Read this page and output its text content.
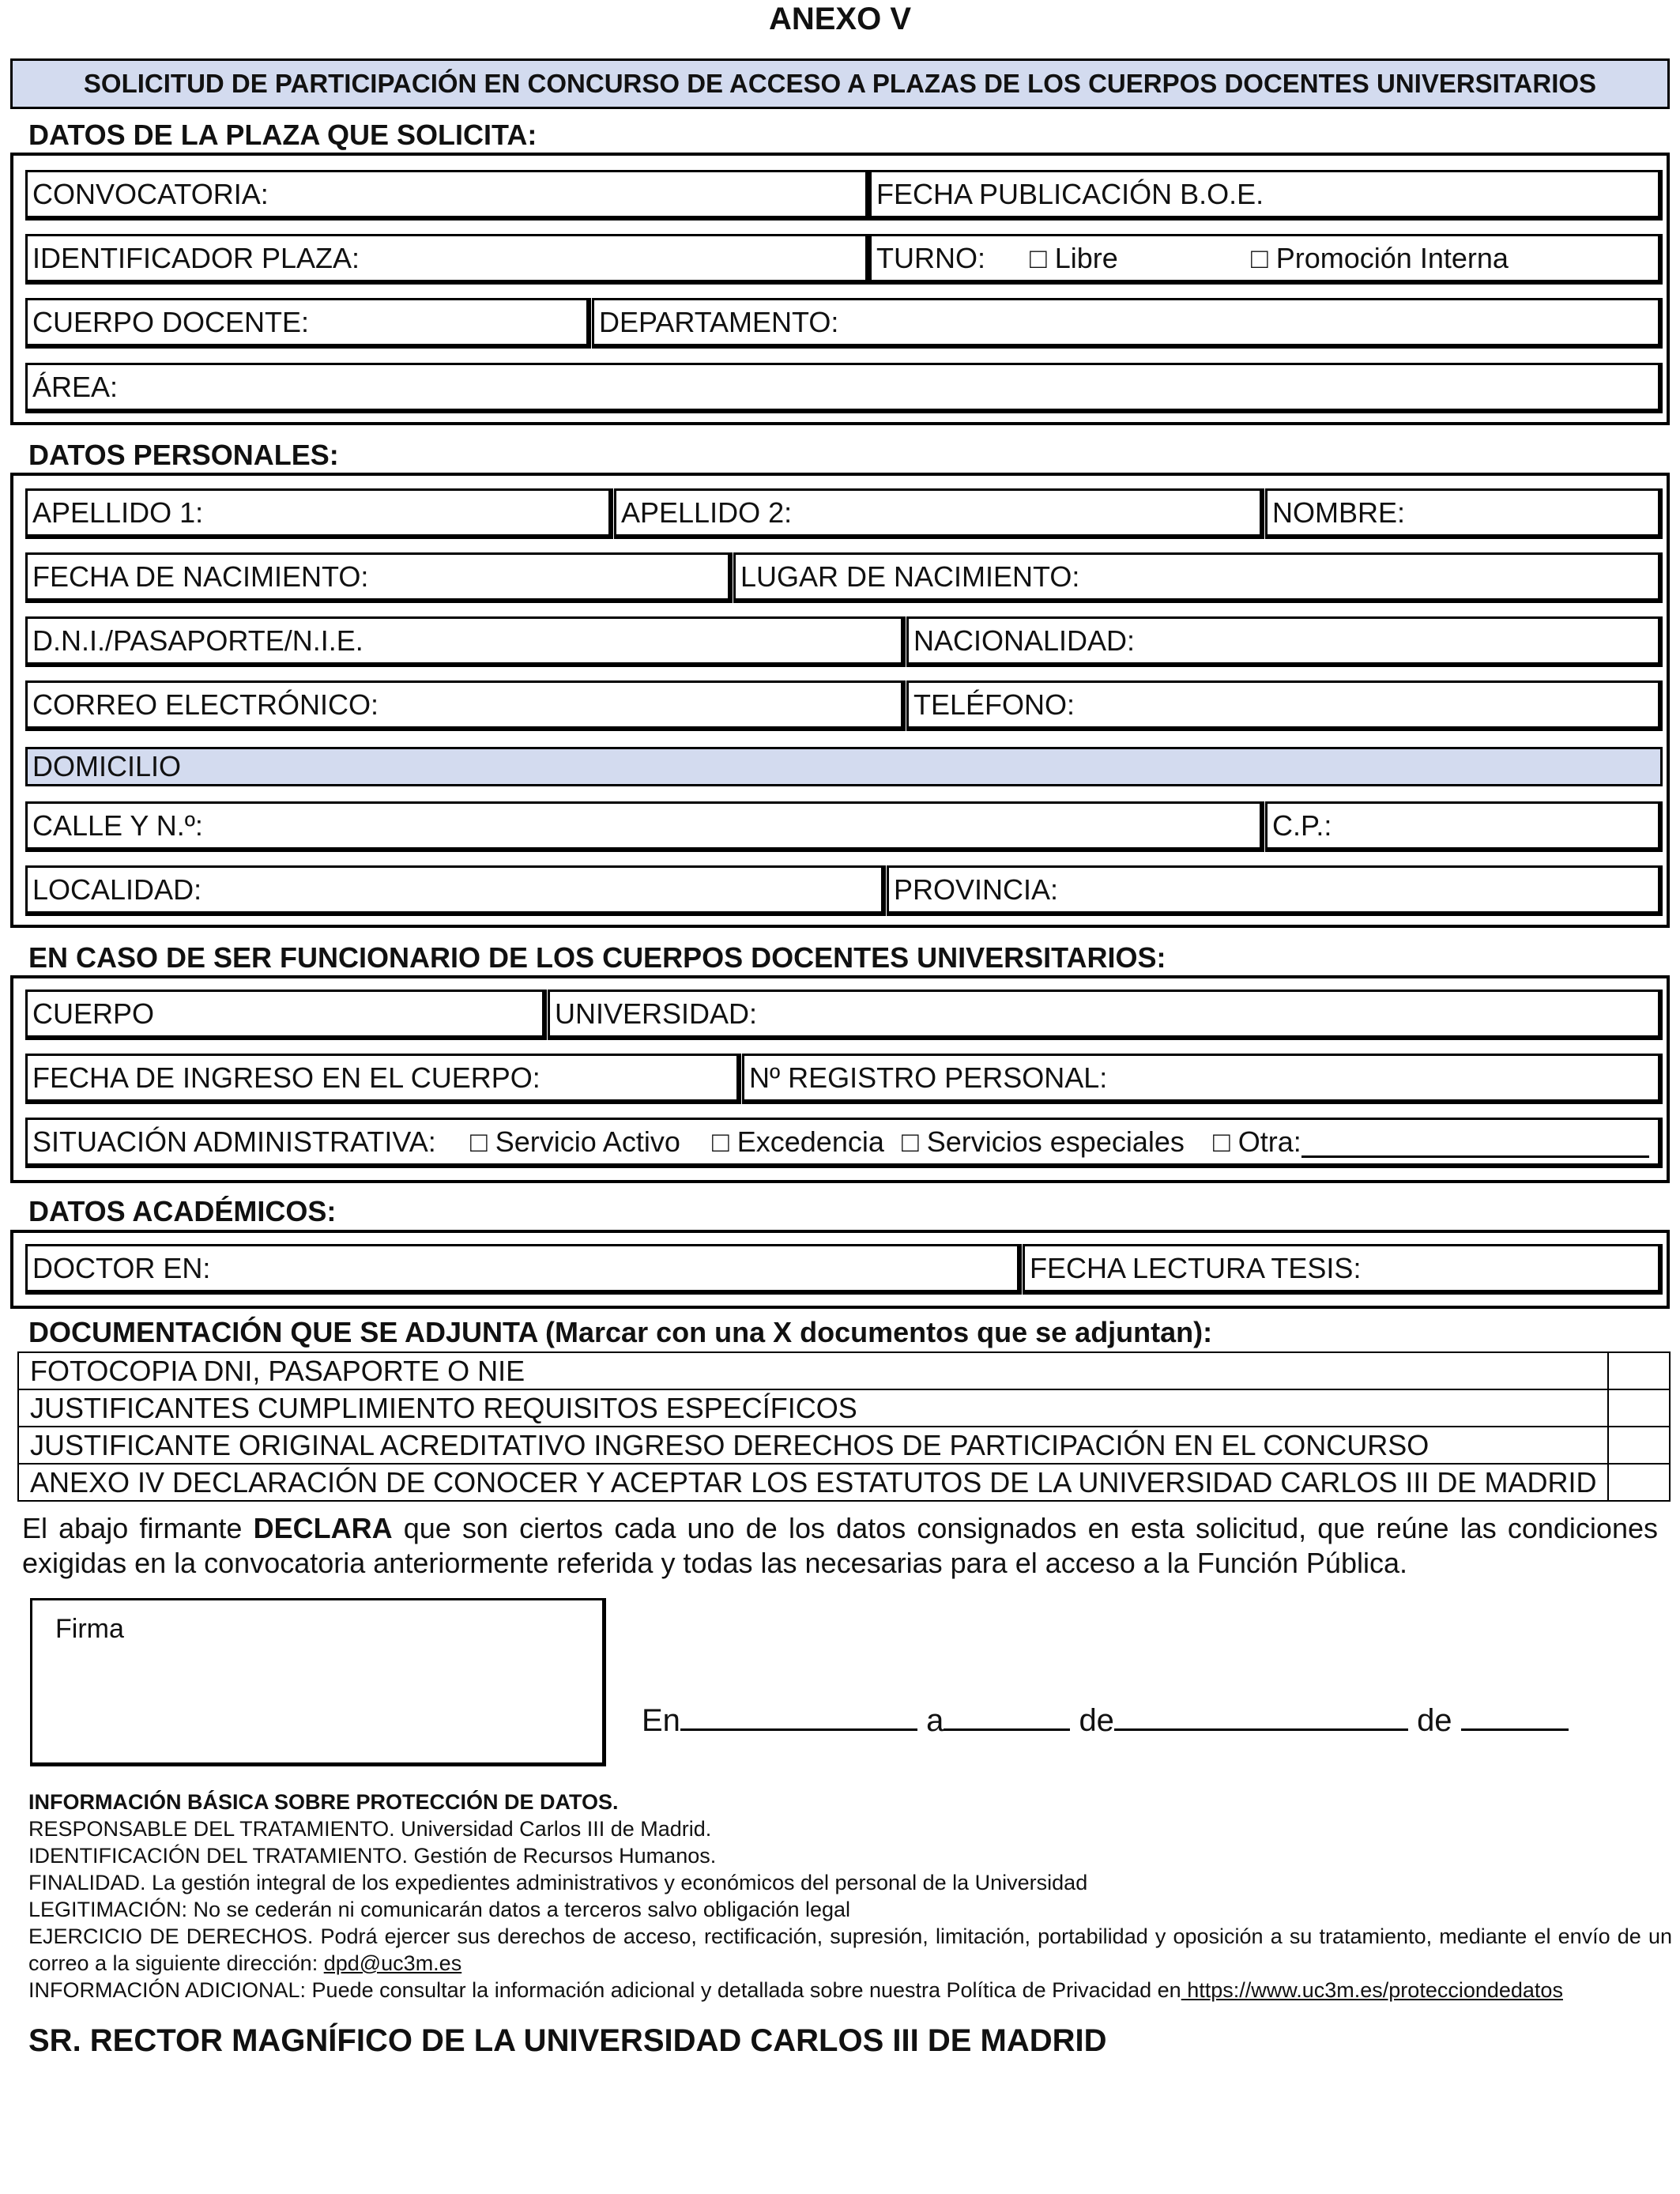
ANEXO V
SOLICITUD DE PARTICIPACIÓN EN CONCURSO DE ACCESO A PLAZAS DE LOS CUERPOS DOCENTES UNIVERSITARIOS
DATOS DE LA PLAZA QUE SOLICITA:
CONVOCATORIA:	FECHA PUBLICACIÓN B.O.E.
IDENTIFICADOR PLAZA:	TURNO: □ Libre	□ Promoción Interna
CUERPO DOCENTE:	DEPARTAMENTO:
ÁREA:
DATOS PERSONALES:
APELLIDO 1:	APELLIDO 2:	NOMBRE:
FECHA DE NACIMIENTO:	LUGAR DE NACIMIENTO:
D.N.I./PASAPORTE/N.I.E.	NACIONALIDAD:
CORREO ELECTRÓNICO:	TELÉFONO:
DOMICILIO
CALLE Y N.º:	C.P.:
LOCALIDAD:	PROVINCIA:
EN CASO DE SER FUNCIONARIO DE LOS CUERPOS DOCENTES UNIVERSITARIOS:
CUERPO	UNIVERSIDAD:
FECHA DE INGRESO EN EL CUERPO:	Nº REGISTRO PERSONAL:
SITUACIÓN ADMINISTRATIVA: □ Servicio Activo □ Excedencia □ Servicios especiales □ Otra:
DATOS ACADÉMICOS:
DOCTOR EN:	FECHA LECTURA TESIS:
DOCUMENTACIÓN QUE SE ADJUNTA (Marcar con una X documentos que se adjuntan):
FOTOCOPIA DNI, PASAPORTE O NIE	
JUSTIFICANTES CUMPLIMIENTO REQUISITOS ESPECÍFICOS	
JUSTIFICANTE ORIGINAL ACREDITATIVO INGRESO DERECHOS DE PARTICIPACIÓN EN EL CONCURSO	
ANEXO IV DECLARACIÓN DE CONOCER Y ACEPTAR LOS ESTATUTOS DE LA UNIVERSIDAD CARLOS III DE MADRID	
El abajo firmante DECLARA que son ciertos cada uno de los datos consignados en esta solicitud, que reúne las condiciones exigidas en la convocatoria anteriormente referida y todas las necesarias para el acceso a la Función Pública.
Firma
En	a	de	de
INFORMACIÓN BÁSICA SOBRE PROTECCIÓN DE DATOS.
RESPONSABLE DEL TRATAMIENTO. Universidad Carlos III de Madrid.
IDENTIFICACIÓN DEL TRATAMIENTO. Gestión de Recursos Humanos.
FINALIDAD. La gestión integral de los expedientes administrativos y económicos del personal de la Universidad
LEGITIMACIÓN: No se cederán ni comunicarán datos a terceros salvo obligación legal
EJERCICIO DE DERECHOS. Podrá ejercer sus derechos de acceso, rectificación, supresión, limitación, portabilidad y oposición a su tratamiento, mediante el envío de un correo a la siguiente dirección: dpd@uc3m.es
INFORMACIÓN ADICIONAL: Puede consultar la información adicional y detallada sobre nuestra Política de Privacidad en https://www.uc3m.es/protecciondedatos
SR. RECTOR MAGNÍFICO DE LA UNIVERSIDAD CARLOS III DE MADRID
